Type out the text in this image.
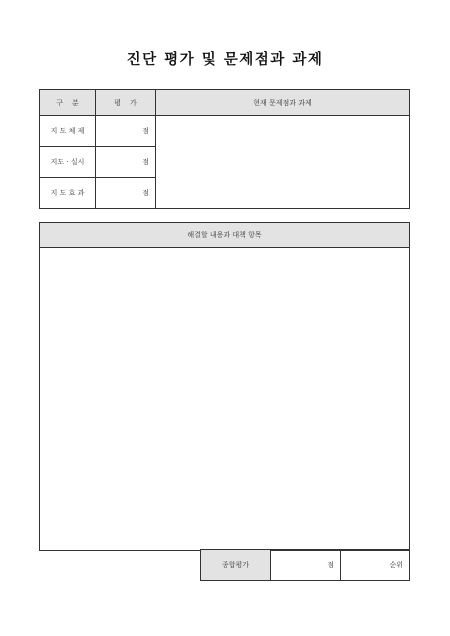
진단 평가 및 문제점과 과제
구    분	평    가	현재 문제점과 과제
지 도 체 제	점	
지도 · 실시	점	
지 도 효 과	점	
해결할 내용과 대책 항목

종합평가	점	순위
